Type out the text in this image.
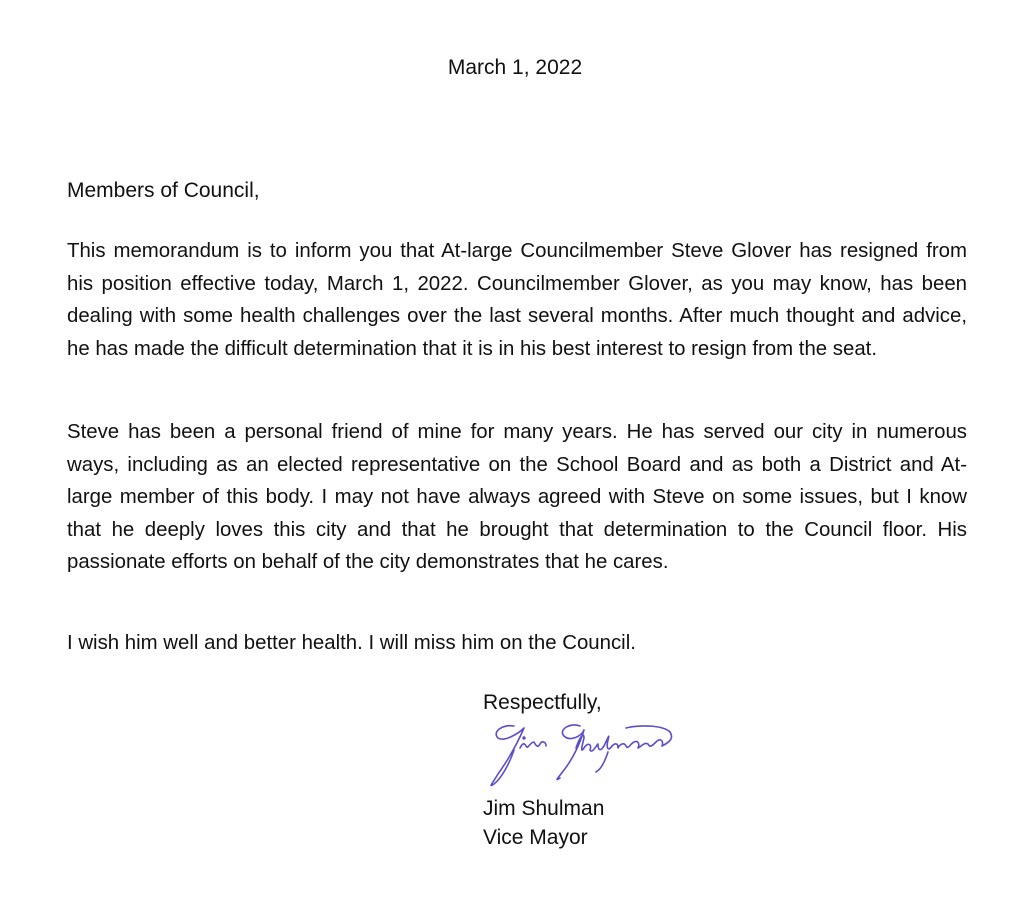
March 1, 2022
Members of Council,

This memorandum is to inform you that At-large Councilmember Steve Glover has resigned from his position effective today, March 1, 2022. Councilmember Glover, as you may know, has been dealing with some health challenges over the last several months. After much thought and advice, he has made the difficult determination that it is in his best interest to resign from the seat.

Steve has been a personal friend of mine for many years. He has served our city in numerous ways, including as an elected representative on the School Board and as both a District and At-large member of this body. I may not have always agreed with Steve on some issues, but I know that he deeply loves this city and that he brought that determination to the Council floor. His passionate efforts on behalf of the city demonstrates that he cares.

I wish him well and better health. I will miss him on the Council.

Respectfully,
Jim Shulman
Vice Mayor
